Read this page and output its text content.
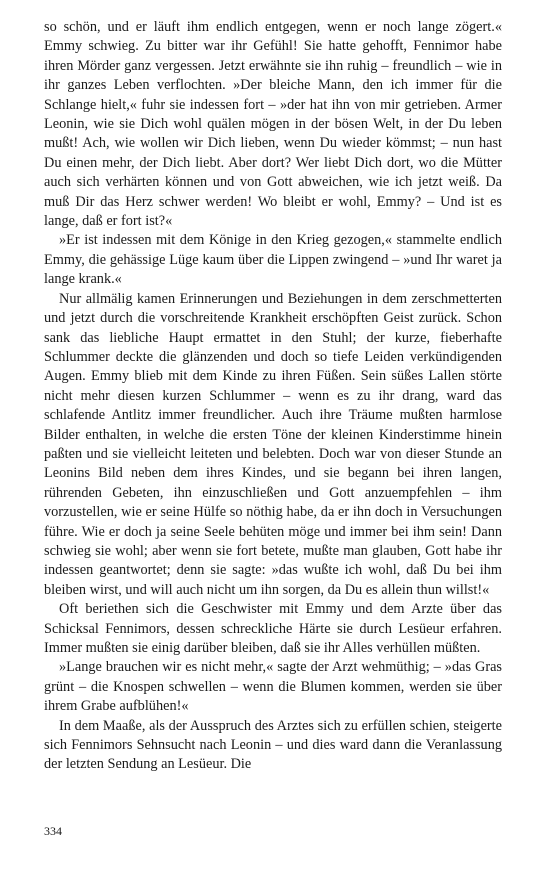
so schön, und er läuft ihm endlich entgegen, wenn er noch lange zögert.« Emmy schwieg. Zu bitter war ihr Gefühl! Sie hatte gehofft, Fennimor habe ihren Mörder ganz vergessen. Jetzt erwähnte sie ihn ruhig – freundlich – wie in ihr ganzes Leben verflochten. »Der bleiche Mann, den ich immer für die Schlange hielt,« fuhr sie indessen fort – »der hat ihn von mir getrieben. Armer Leonin, wie sie Dich wohl quälen mögen in der bösen Welt, in der Du leben mußt! Ach, wie wollen wir Dich lieben, wenn Du wieder kömmst; – nun hast Du einen mehr, der Dich liebt. Aber dort? Wer liebt Dich dort, wo die Mütter auch sich verhärten können und von Gott abweichen, wie ich jetzt weiß. Da muß Dir das Herz schwer werden! Wo bleibt er wohl, Emmy? – Und ist es lange, daß er fort ist?«

»Er ist indessen mit dem Könige in den Krieg gezogen,« stammelte endlich Emmy, die gehässige Lüge kaum über die Lippen zwingend – »und Ihr waret ja lange krank.«

Nur allmälig kamen Erinnerungen und Beziehungen in dem zerschmetterten und jetzt durch die vorschreitende Krankheit erschöpften Geist zurück. Schon sank das liebliche Haupt ermattet in den Stuhl; der kurze, fieberhafte Schlummer deckte die glänzenden und doch so tiefe Leiden verkündigenden Augen. Emmy blieb mit dem Kinde zu ihren Füßen. Sein süßes Lallen störte nicht mehr diesen kurzen Schlummer – wenn es zu ihr drang, ward das schlafende Antlitz immer freundlicher. Auch ihre Träume mußten harmlose Bilder enthalten, in welche die ersten Töne der kleinen Kinderstimme hinein paßten und sie vielleicht leiteten und belebten. Doch war von dieser Stunde an Leonins Bild neben dem ihres Kindes, und sie begann bei ihren langen, rührenden Gebeten, ihn einzuschließen und Gott anzuempfehlen – ihm vorzustellen, wie er seine Hülfe so nöthig habe, da er ihn doch in Versuchungen führe. Wie er doch ja seine Seele behüten möge und immer bei ihm sein! Dann schwieg sie wohl; aber wenn sie fort betete, mußte man glauben, Gott habe ihr indessen geantwortet; denn sie sagte: »das wußte ich wohl, daß Du bei ihm bleiben wirst, und will auch nicht um ihn sorgen, da Du es allein thun willst!«

Oft beriethen sich die Geschwister mit Emmy und dem Arzte über das Schicksal Fennimors, dessen schreckliche Härte sie durch Lesüeur erfahren. Immer mußten sie einig darüber bleiben, daß sie ihr Alles verhüllen müßten.

»Lange brauchen wir es nicht mehr,« sagte der Arzt wehmüthig; – »das Gras grünt – die Knospen schwellen – wenn die Blumen kommen, werden sie über ihrem Grabe aufblühen!«

In dem Maaße, als der Ausspruch des Arztes sich zu erfüllen schien, steigerte sich Fennimors Sehnsucht nach Leonin – und dies ward dann die Veranlassung der letzten Sendung an Lesüeur. Die

334
